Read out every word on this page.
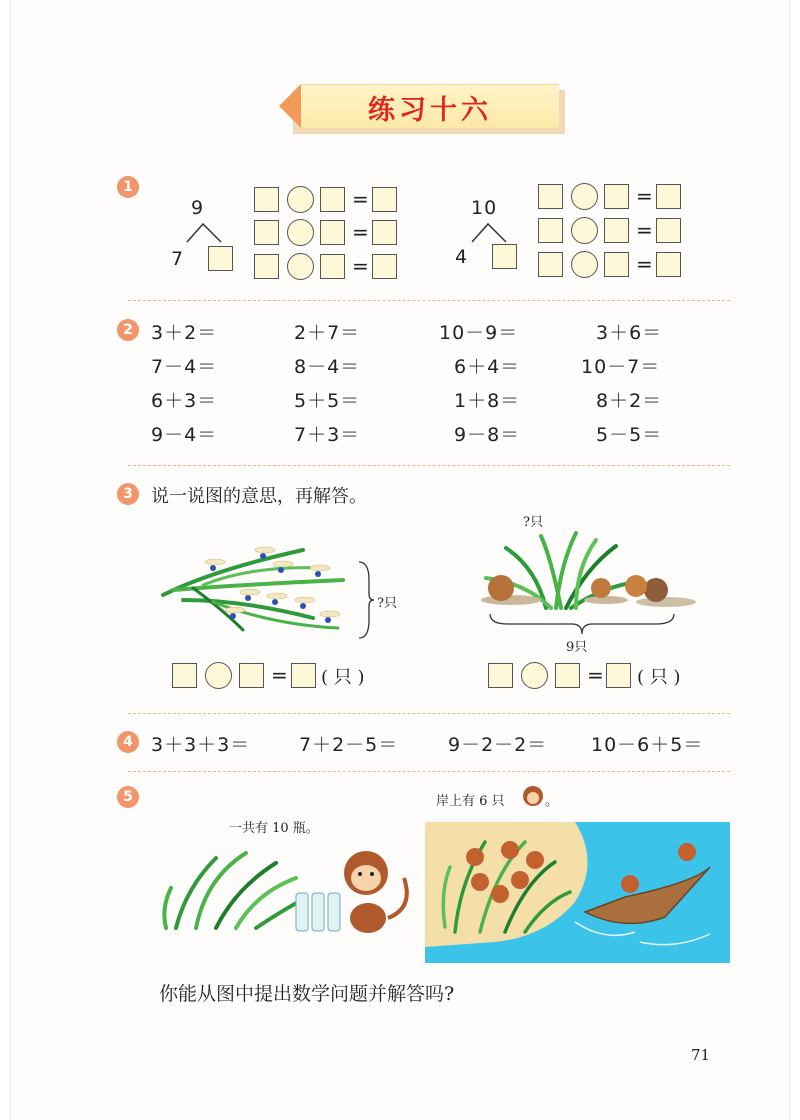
练习十六
1
9
7
=
=
=
10
4
=
=
=
2 3＋2＝	2＋7＝	10－9＝	3＋6＝
7－4＝	8－4＝	6＋4＝	10－7＝
6＋3＝	5＋5＝	1＋8＝	8＋2＝
9－4＝	7＋3＝	9－8＝	5－5＝
3	说一说图的意思，再解答。
?只
= ( 只 )
?只
9只
= ( 只 )
4 3＋3＋3＝	7＋2－5＝	9－2－2＝ 10－6＋5＝
5
一共有 10 瓶。
岸上有 6 只	。
你能从图中提出数学问题并解答吗?
71
